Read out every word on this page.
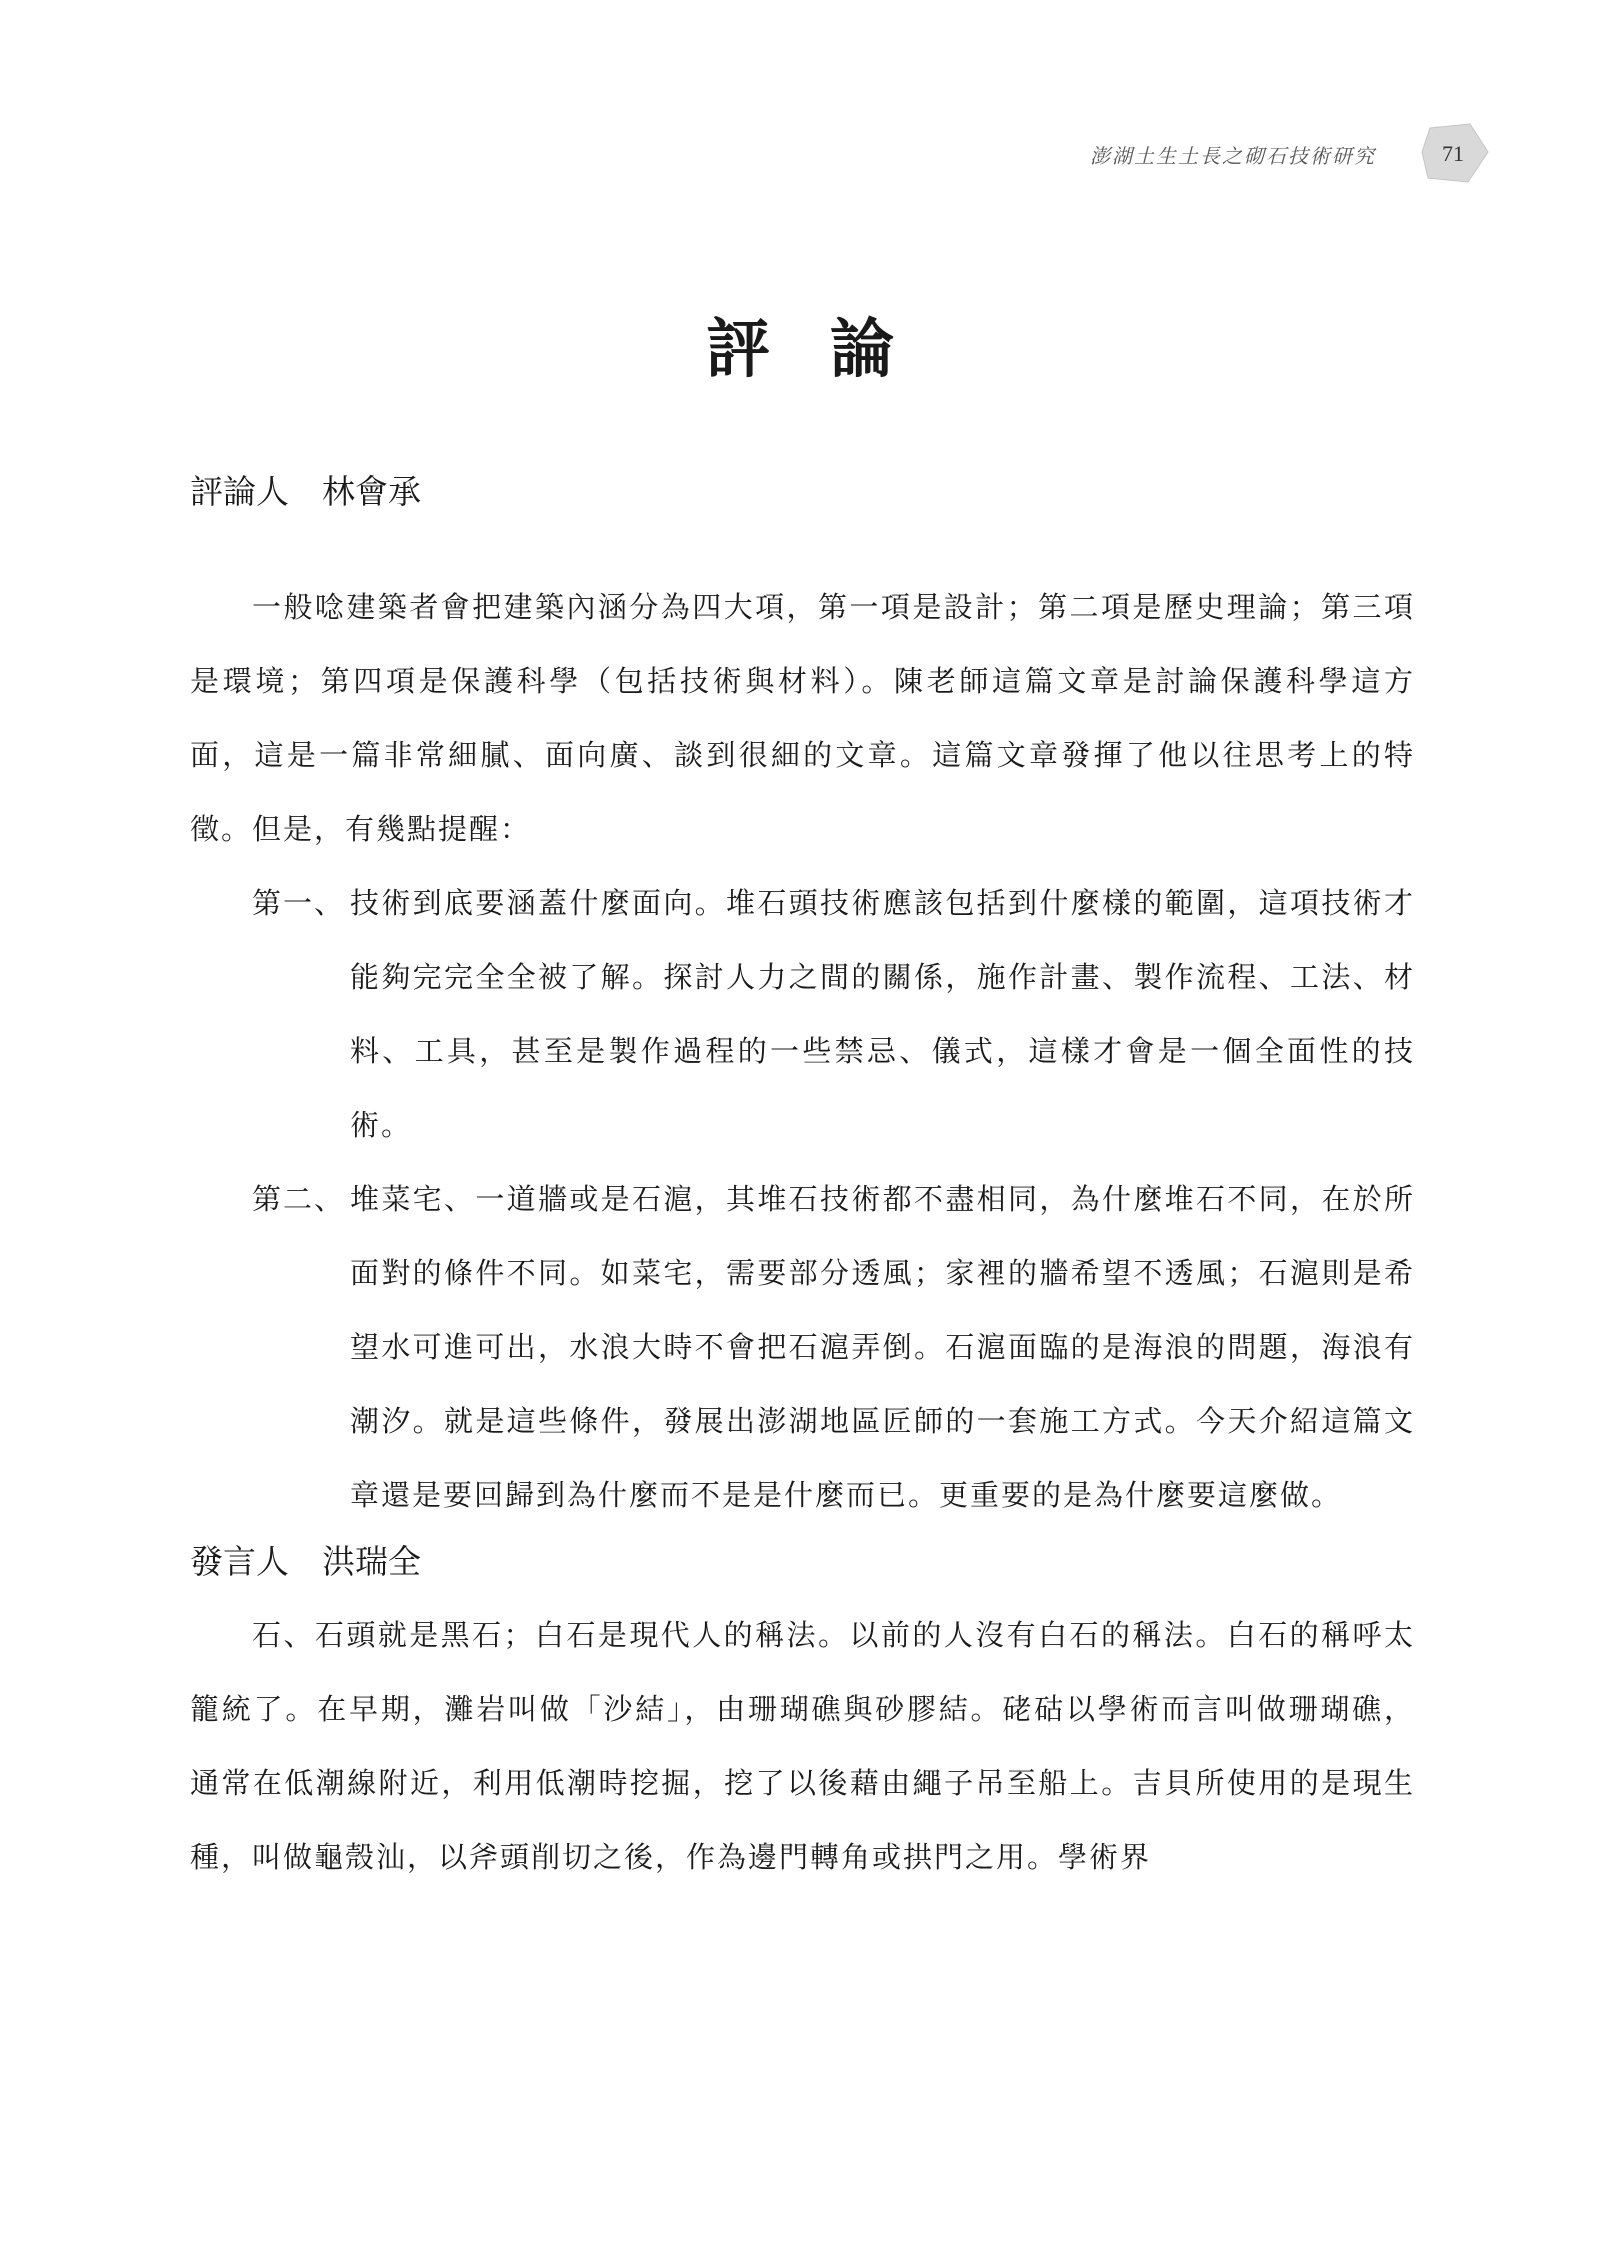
澎湖土生土長之砌石技術研究	71
評論
評論人　林會承

一般唸建築者會把建築內涵分為四大項，第一項是設計；第二項是歷史理論；第三項是環境；第四項是保護科學（包括技術與材料）。陳老師這篇文章是討論保護科學這方面，這是一篇非常細膩、面向廣、談到很細的文章。這篇文章發揮了他以往思考上的特徵。但是，有幾點提醒：

第一、 技術到底要涵蓋什麼面向。堆石頭技術應該包括到什麼樣的範圍，這項技術才能夠完完全全被了解。探討人力之間的關係，施作計畫、製作流程、工法、材料、工具，甚至是製作過程的一些禁忌、儀式，這樣才會是一個全面性的技術。
第二、 堆菜宅、一道牆或是石滬，其堆石技術都不盡相同，為什麼堆石不同，在於所面對的條件不同。如菜宅，需要部分透風；家裡的牆希望不透風；石滬則是希望水可進可出，水浪大時不會把石滬弄倒。石滬面臨的是海浪的問題，海浪有潮汐。就是這些條件，發展出澎湖地區匠師的一套施工方式。今天介紹這篇文章還是要回歸到為什麼而不是是什麼而已。更重要的是為什麼要這麼做。
發言人　洪瑞全

石、石頭就是黑石；白石是現代人的稱法。以前的人沒有白石的稱法。白石的稱呼太籠統了。在早期，灘岩叫做「沙結」，由珊瑚礁與砂膠結。硓𥑮以學術而言叫做珊瑚礁，通常在低潮線附近，利用低潮時挖掘，挖了以後藉由繩子吊至船上。吉貝所使用的是現生種，叫做龜殼汕，以斧頭削切之後，作為邊門轉角或拱門之用。學術界
